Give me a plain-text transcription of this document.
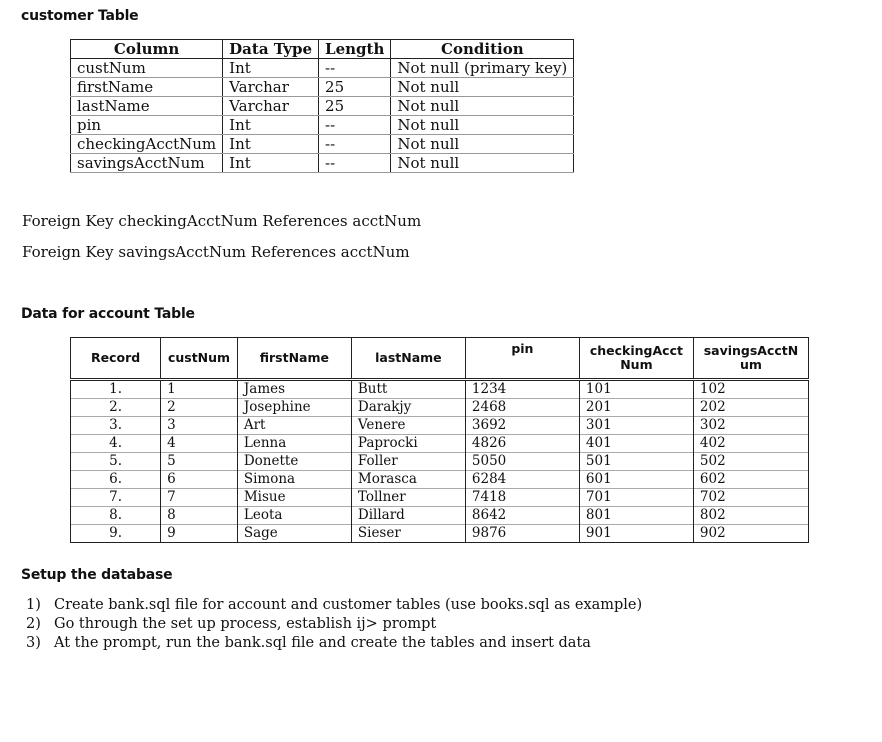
customer Table
Column	Data Type	Length	Condition
custNum	Int	--	Not null (primary key)
firstName	Varchar	25	Not null
lastName	Varchar	25	Not null
pin	Int	--	Not null
checkingAcctNum	Int	--	Not null
savingsAcctNum	Int	--	Not null
Foreign Key checkingAcctNum References acctNum
Foreign Key savingsAcctNum References acctNum
Data for account Table
Record	custNum	firstName	lastName	pin	checkingAcct Num	savingsAcctN um
1.	1	James	Butt	1234	101	102
2.	2	Josephine	Darakjy	2468	201	202
3.	3	Art	Venere	3692	301	302
4.	4	Lenna	Paprocki	4826	401	402
5.	5	Donette	Foller	5050	501	502
6.	6	Simona	Morasca	6284	601	602
7.	7	Misue	Tollner	7418	701	702
8.	8	Leota	Dillard	8642	801	802
9.	9	Sage	Sieser	9876	901	902
Setup the database
1) Create bank.sql file for account and customer tables (use books.sql as example)
2) Go through the set up process, establish ij> prompt
3) At the prompt, run the bank.sql file and create the tables and insert data
